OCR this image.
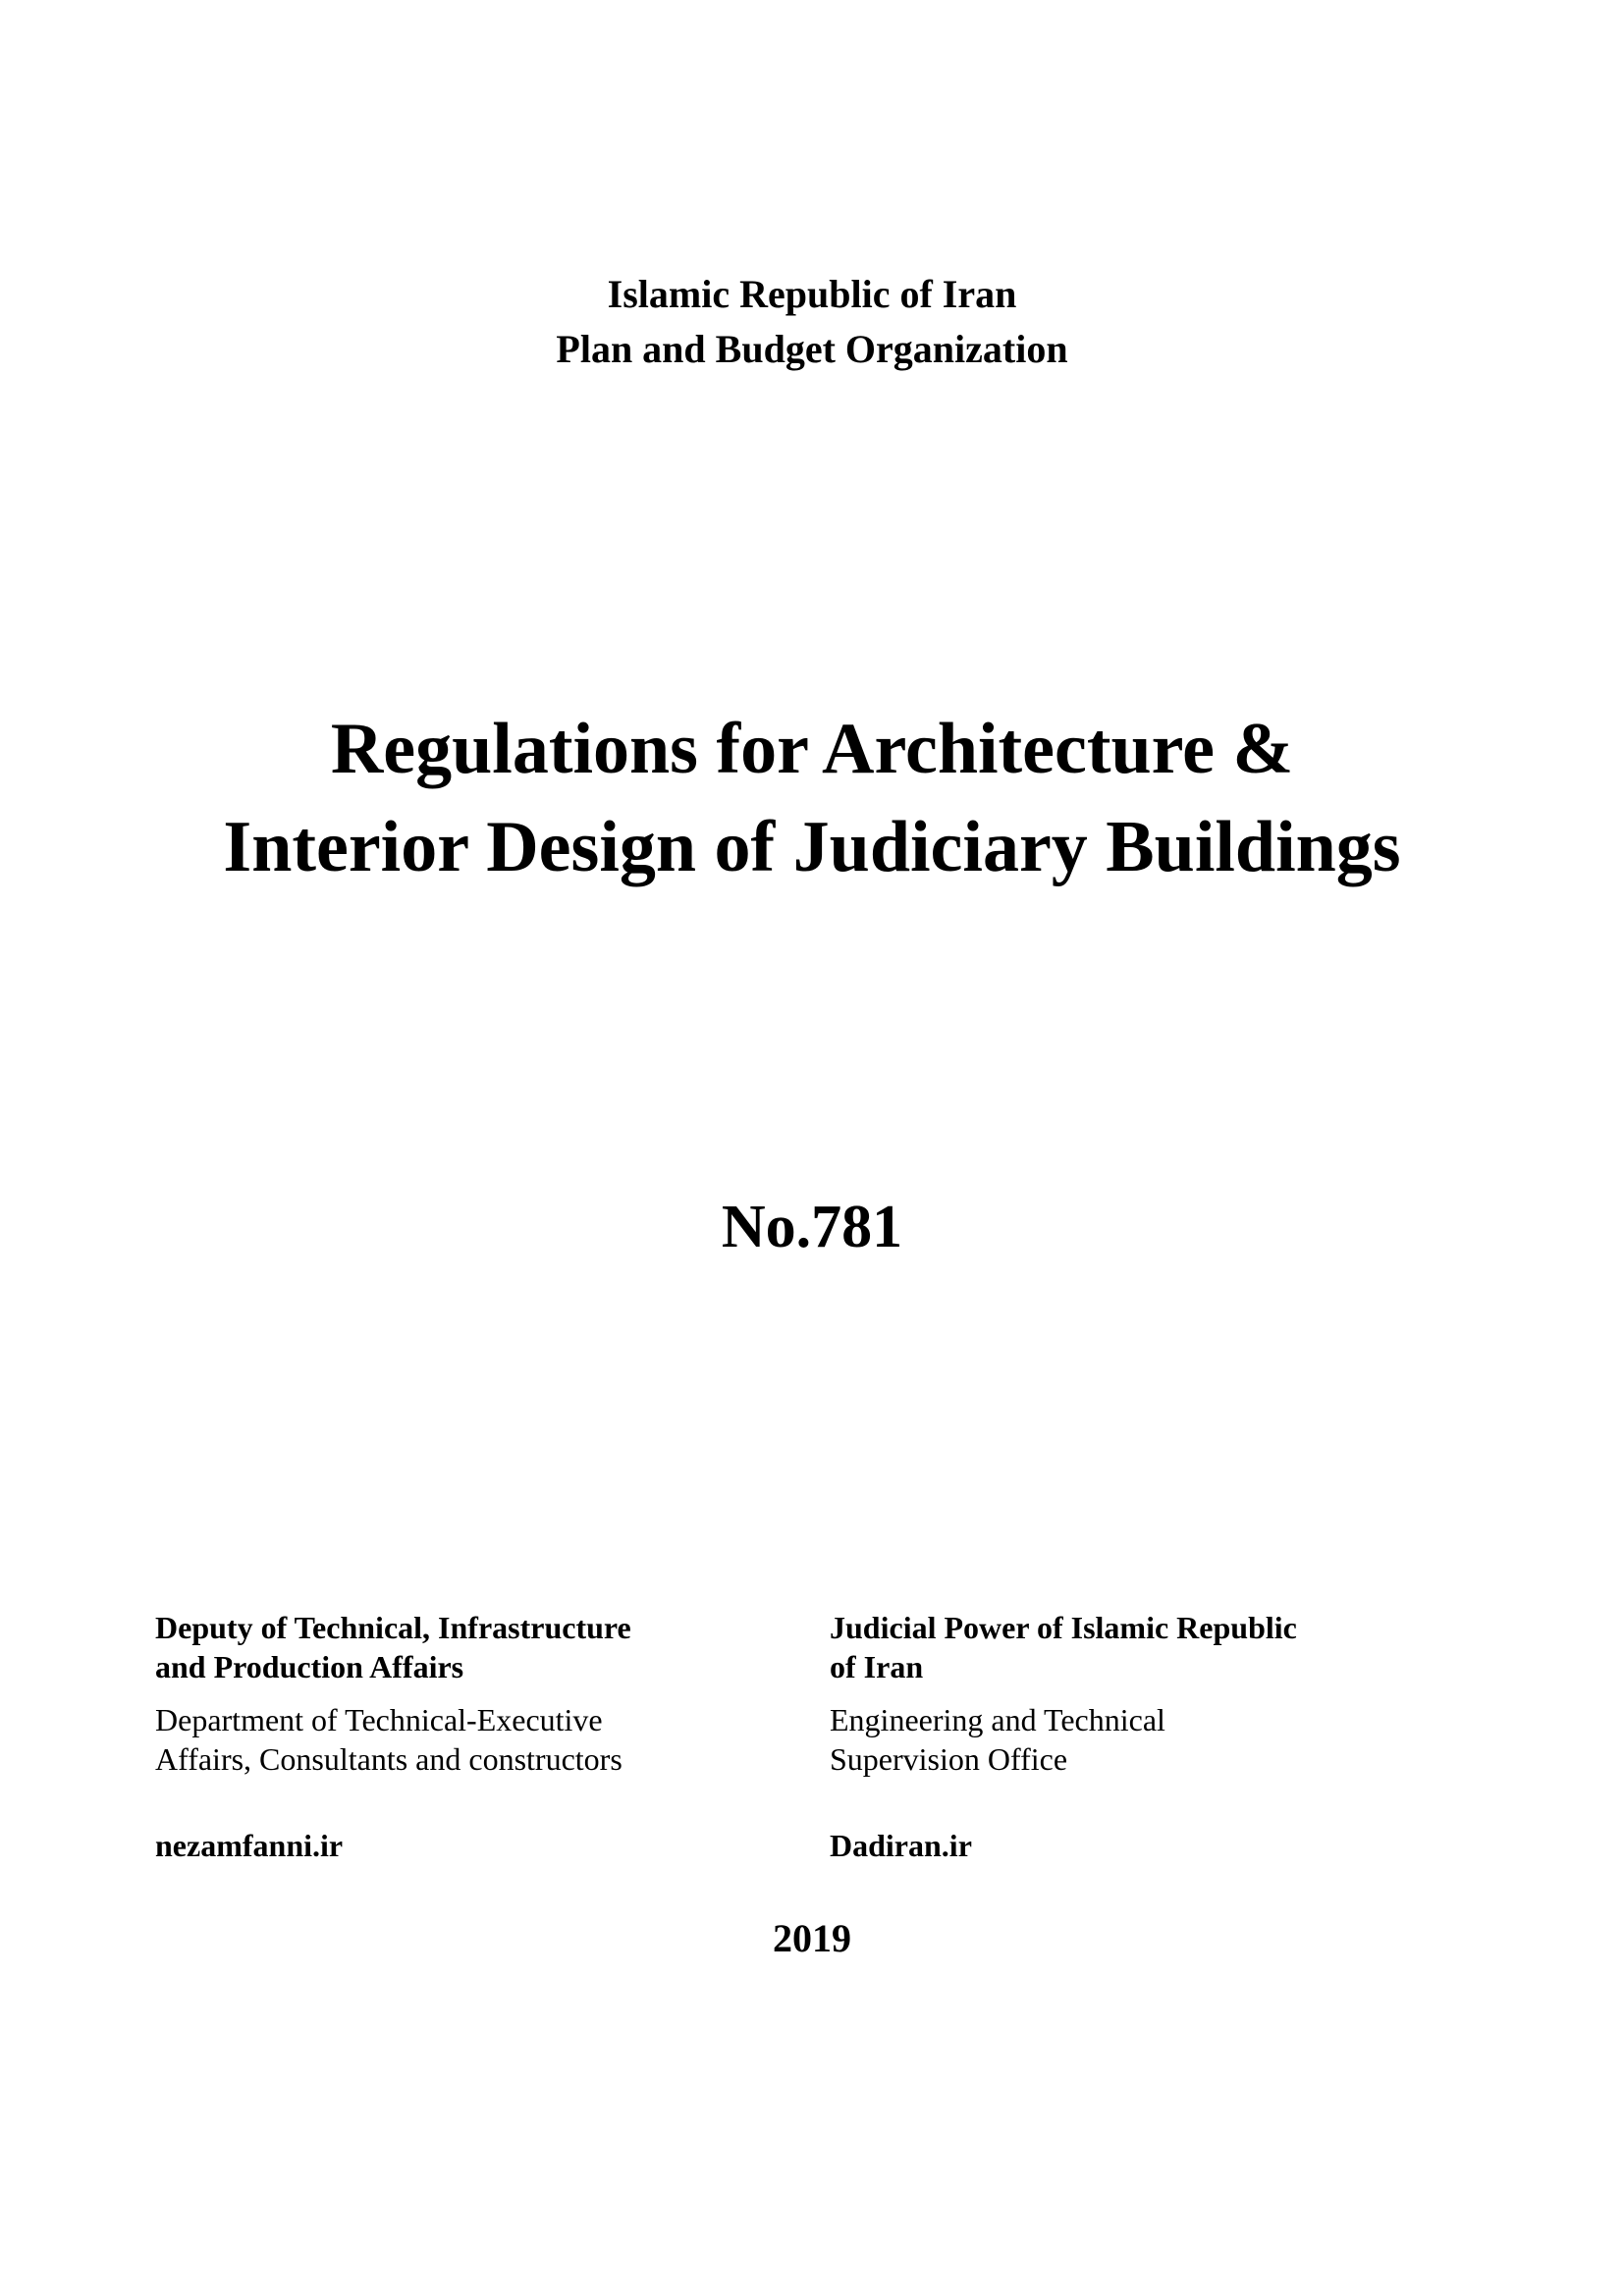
Islamic Republic of Iran
Plan and Budget Organization
Regulations for Architecture &
Interior Design of Judiciary Buildings
No.781
Deputy of Technical, Infrastructure
and Production Affairs
Department of Technical-Executive
Affairs, Consultants and constructors
nezamfanni.ir
Judicial Power of Islamic Republic
of Iran
Engineering and Technical
Supervision Office
Dadiran.ir
2019
